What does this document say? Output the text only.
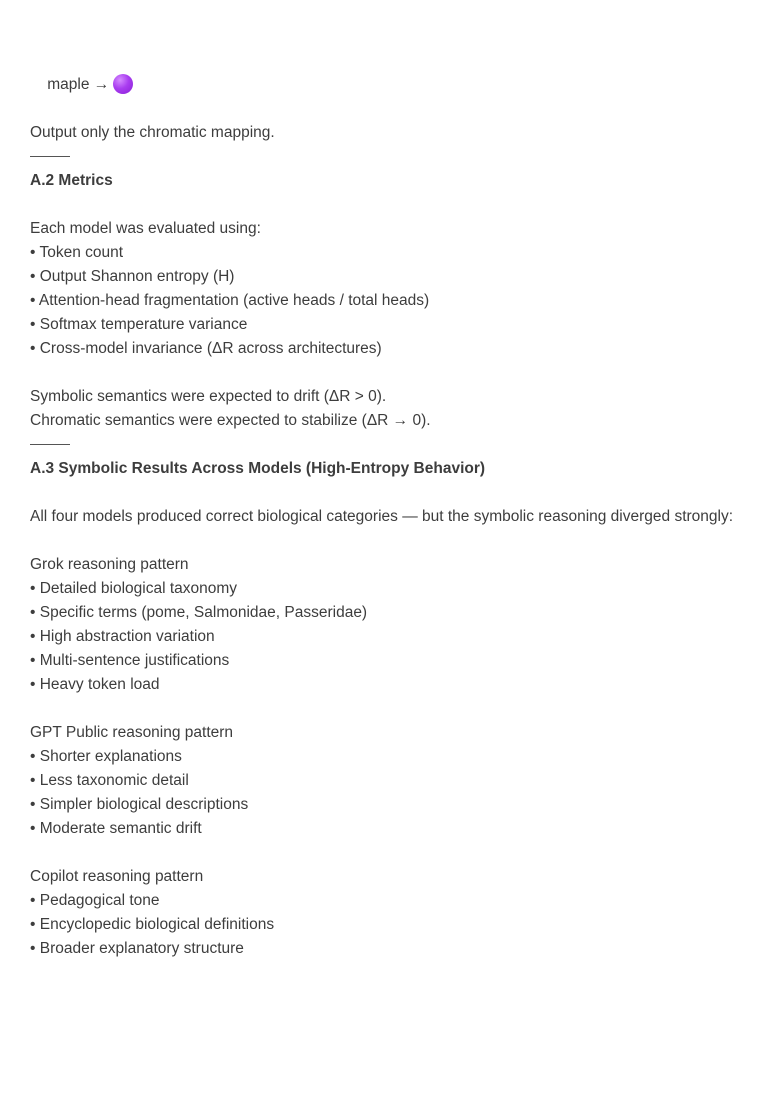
maple →

Output only the chromatic mapping.
A.2 Metrics
Each model was evaluated using:
• Token count
• Output Shannon entropy (H)
• Attention-head fragmentation (active heads / total heads)
• Softmax temperature variance
• Cross-model invariance (ΔR across architectures)
Symbolic semantics were expected to drift (ΔR > 0).
Chromatic semantics were expected to stabilize (ΔR → 0).
A.3 Symbolic Results Across Models (High-Entropy Behavior)
All four models produced correct biological categories — but the symbolic reasoning diverged strongly:
Grok reasoning pattern
• Detailed biological taxonomy
• Specific terms (pome, Salmonidae, Passeridae)
• High abstraction variation
• Multi-sentence justifications
• Heavy token load
GPT Public reasoning pattern
• Shorter explanations
• Less taxonomic detail
• Simpler biological descriptions
• Moderate semantic drift
Copilot reasoning pattern
• Pedagogical tone
• Encyclopedic biological definitions
• Broader explanatory structure
